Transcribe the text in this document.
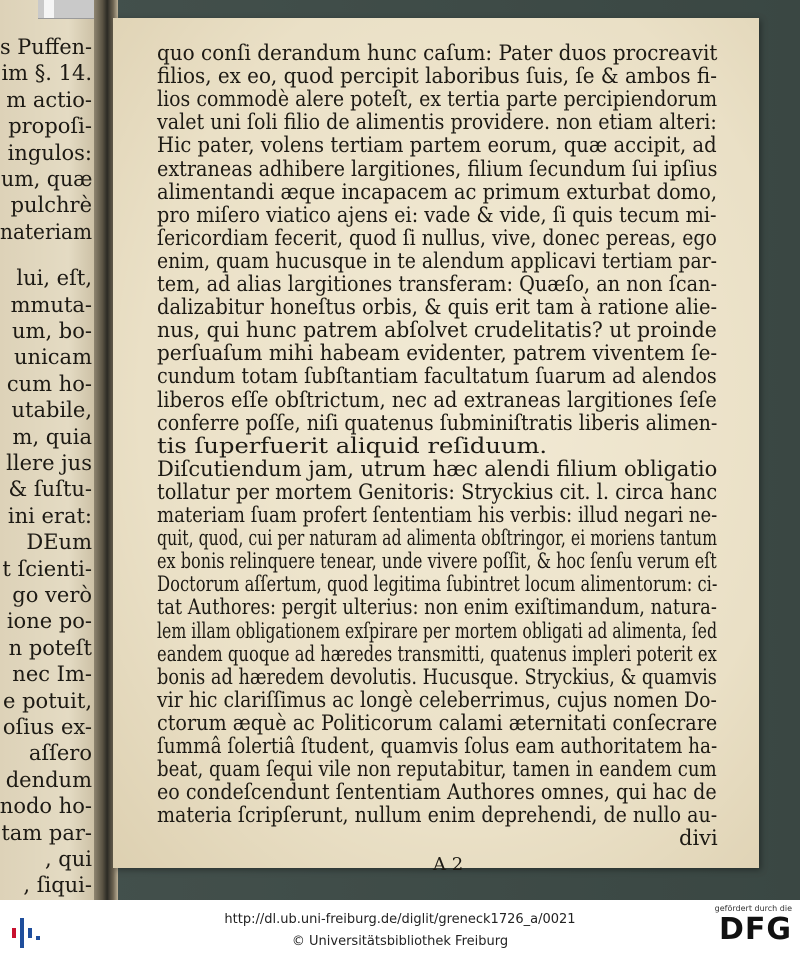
s Puffen-
im §. 14.
m actio-
propoſi-
ingulos:
um, quæ
pulchrè
nateriam
lui, eſt,
mmuta-
um, bo-
unicam
cum ho-
utabile,
m, quia
llere jus
& ſuſtu-
ini erat:
DEum
t ſcienti-
go verò
ione po-
n poteſt
nec Im-
e potuit,
oſius ex-
aſſero
dendum
nodo ho-
tam par-
, qui
, ſiqui-
quo conſi derandum hunc caſum: Pater duos procreavit
filios, ex eo, quod percipit laboribus ſuis, ſe & ambos fi-
lios commodè alere poteſt, ex tertia parte percipiendorum
valet uni ſoli filio de alimentis providere. non etiam alteri:
Hic pater, volens tertiam partem eorum, quæ accipit, ad
extraneas adhibere largitiones, filium ſecundum ſui ipſius
alimentandi æque incapacem ac primum exturbat domo,
pro miſero viatico ajens ei: vade & vide, ſi quis tecum mi-
ſericordiam fecerit, quod ſi nullus, vive, donec pereas, ego
enim, quam hucusque in te alendum applicavi tertiam par-
tem, ad alias largitiones transferam: Quæſo, an non ſcan-
dalizabitur honeſtus orbis, & quis erit tam à ratione alie-
nus, qui hunc patrem abſolvet crudelitatis? ut proinde
perſuaſum mihi habeam evidenter, patrem viventem ſe-
cundum totam ſubſtantiam facultatum ſuarum ad alendos
liberos eſſe obſtrictum, nec ad extraneas largitiones ſeſe
conferre poſſe, niſi quatenus ſubminiſtratis liberis alimen-
tis ſuperfuerit aliquid reſiduum.
Diſcutiendum jam, utrum hæc alendi filium obligatio
tollatur per mortem Genitoris: Stryckius cit. l. circa hanc
materiam ſuam profert ſententiam his verbis: illud negari ne-
quit, quod, cui per naturam ad alimenta obſtringor, ei moriens tantum
ex bonis relinquere tenear, unde vivere poſſit, & hoc ſenſu verum eſt
Doctorum aſſertum, quod legitima ſubintret locum alimentorum: ci-
tat Authores: pergit ulterius: non enim exiſtimandum, natura-
lem illam obligationem exſpirare per mortem obligati ad alimenta, ſed
eandem quoque ad hæredes transmitti, quatenus impleri poterit ex
bonis ad hæredem devolutis. Hucusque. Stryckius, & quamvis
vir hic clariſſimus ac longè celeberrimus, cujus nomen Do-
ctorum æquè ac Politicorum calami æternitati conſecrare
ſummâ ſolertiâ ſtudent, quamvis ſolus eam authoritatem ha-
beat, quam ſequi vile non reputabitur, tamen in eandem cum
eo condeſcendunt ſententiam Authores omnes, qui hac de
materia ſcripſerunt, nullum enim deprehendi, de nullo au-
divi
A 2
http://dl.ub.uni-freiburg.de/diglit/greneck1726_a/0021
© Universitätsbibliothek Freiburg
gefördert durch die
DFG
